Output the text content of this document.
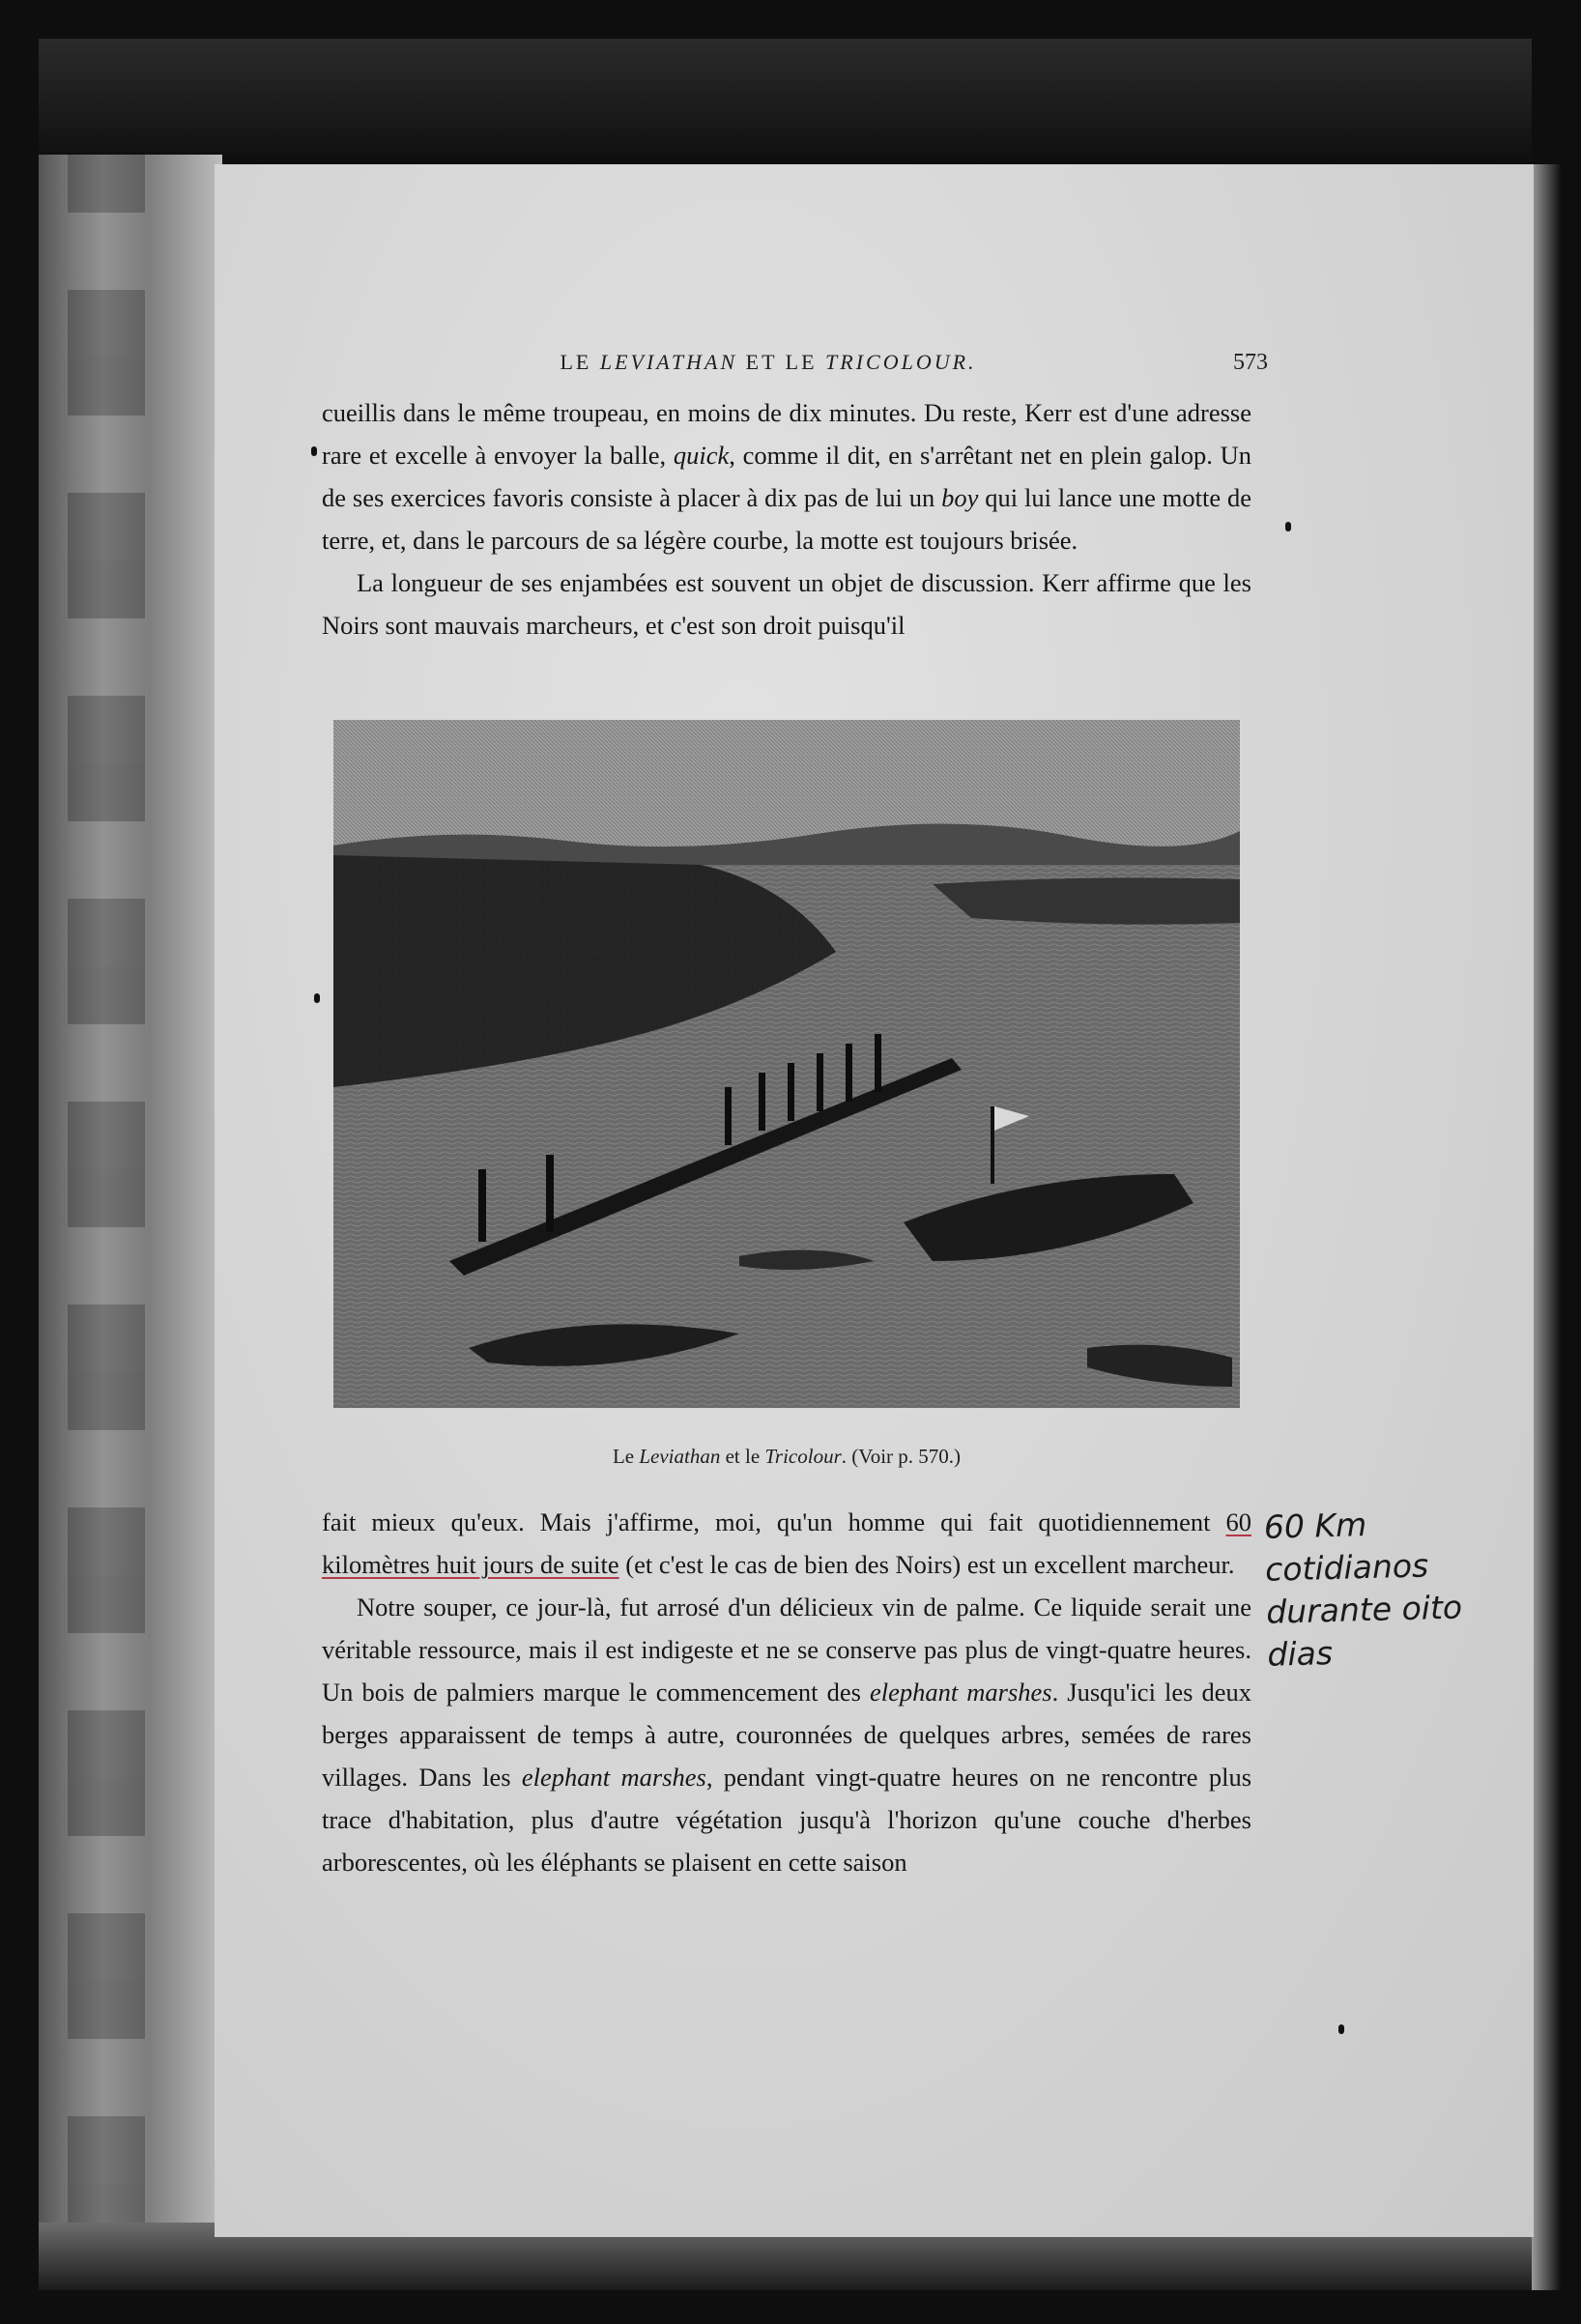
LE LEVIATHAN ET LE TRICOLOUR.	573

cueillis dans le même troupeau, en moins de dix minutes. Du reste, Kerr est d'une adresse rare et excelle à envoyer la balle, quick, comme il dit, en s'arrêtant net en plein galop. Un de ses exercices favoris consiste à placer à dix pas de lui un boy qui lui lance une motte de terre, et, dans le parcours de sa légère courbe, la motte est toujours brisée.

La longueur de ses enjambées est souvent un objet de discussion. Kerr affirme que les Noirs sont mauvais marcheurs, et c'est son droit puisqu'il

Le Leviathan et le Tricolour. (Voir p. 570.)

fait mieux qu'eux. Mais j'affirme, moi, qu'un homme qui fait quotidiennement 60 kilomètres huit jours de suite (et c'est le cas de bien des Noirs) est un excellent marcheur.

Notre souper, ce jour-là, fut arrosé d'un délicieux vin de palme. Ce liquide serait une véritable ressource, mais il est indigeste et ne se conserve pas plus de vingt-quatre heures. Un bois de palmiers marque le commencement des elephant marshes. Jusqu'ici les deux berges apparaissent de temps à autre, couronnées de quelques arbres, semées de rares villages. Dans les elephant marshes, pendant vingt-quatre heures on ne rencontre plus trace d'habitation, plus d'autre végétation jusqu'à l'horizon qu'une couche d'herbes arborescentes, où les éléphants se plaisent en cette saison

60 Km
cotidianos
durante oito
dias
